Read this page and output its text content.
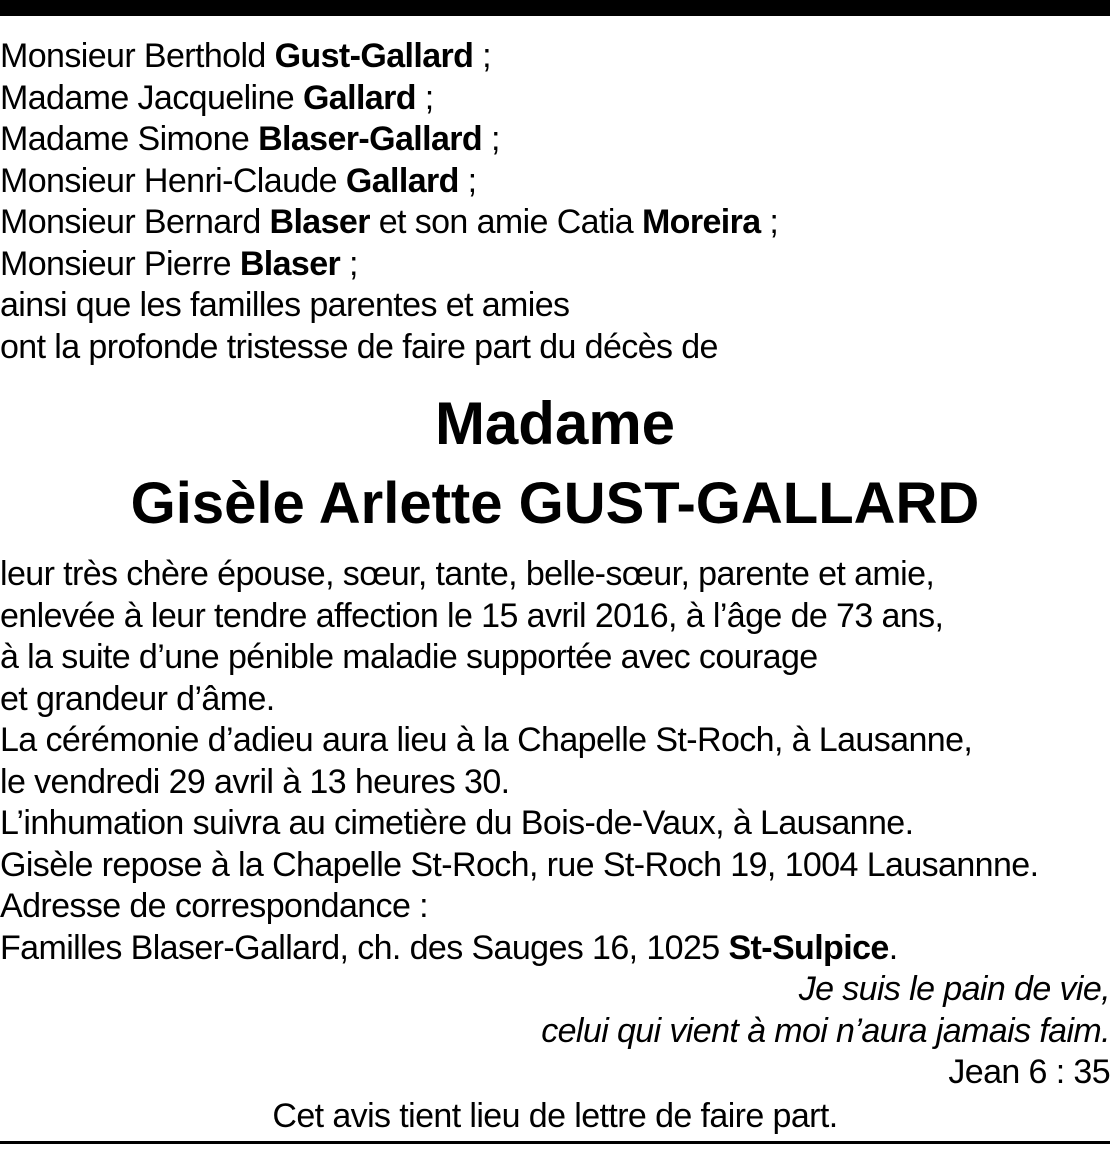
Monsieur Berthold Gust-Gallard ;
Madame Jacqueline Gallard ;
Madame Simone Blaser-Gallard ;
Monsieur Henri-Claude Gallard ;
Monsieur Bernard Blaser et son amie Catia Moreira ;
Monsieur Pierre Blaser ;
ainsi que les familles parentes et amies
ont la profonde tristesse de faire part du décès de
Madame
Gisèle Arlette GUST-GALLARD
leur très chère épouse, sœur, tante, belle-sœur, parente et amie,
enlevée à leur tendre affection le 15 avril 2016, à l’âge de 73 ans,
à la suite d’une pénible maladie supportée avec courage
et grandeur d’âme.
La cérémonie d’adieu aura lieu à la Chapelle St-Roch, à Lausanne,
le vendredi 29 avril à 13 heures 30.
L’inhumation suivra au cimetière du Bois-de-Vaux, à Lausanne.
Gisèle repose à la Chapelle St-Roch, rue St-Roch 19, 1004 Lausannne.
Adresse de correspondance :
Familles Blaser-Gallard, ch. des Sauges 16, 1025 St-Sulpice.
Je suis le pain de vie,
celui qui vient à moi n’aura jamais faim.
Jean 6 : 35
Cet avis tient lieu de lettre de faire part.
